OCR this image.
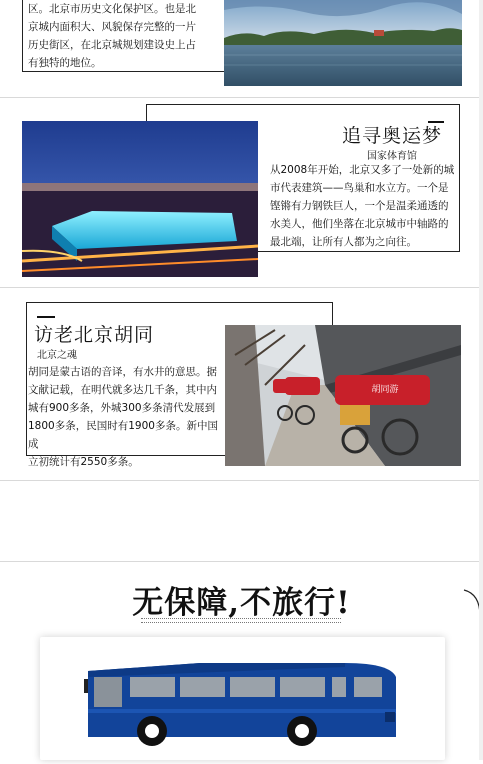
区。北京市历史文化保护区。也是北
京城内面积大、风貌保存完整的一片
历史街区，在北京城规划建设史上占
有独特的地位。
追寻奥运梦
国家体育馆
从2008年开始，北京又多了一处新的城
市代表建筑——鸟巢和水立方。一个是
铿锵有力钢铁巨人，一个是温柔通透的
水美人，他们坐落在北京城市中轴路的
最北端，让所有人都为之向往。
访老北京胡同
北京之魂
胡同是蒙古语的音译，有水井的意思。据
文献记载，在明代就多达几千条，其中内
城有900多条，外城300多条清代发展到
1800多条，民国时有1900多条。新中国成
立初统计有2550多条。
胡同游
无保障,不旅行!
